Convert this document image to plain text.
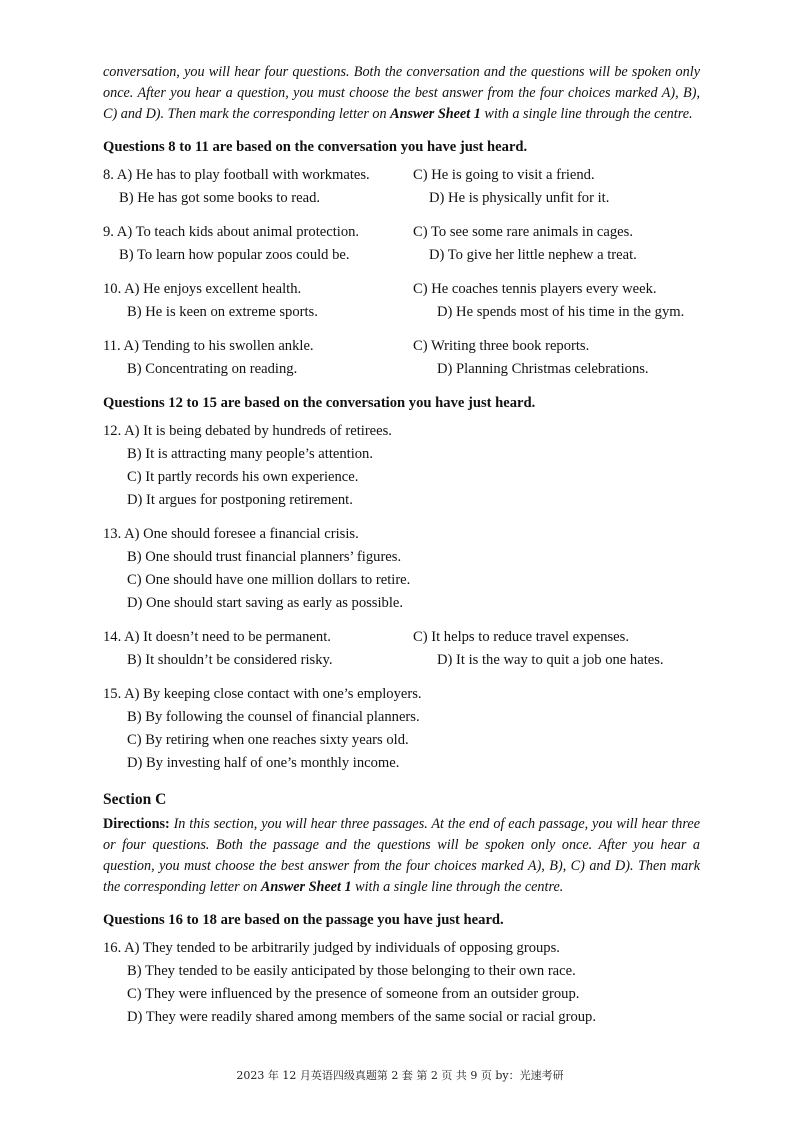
conversation, you will hear four questions. Both the conversation and the questions will be spoken only once. After you hear a question, you must choose the best answer from the four choices marked A), B), C) and D). Then mark the corresponding letter on Answer Sheet 1 with a single line through the centre.

Questions 8 to 11 are based on the conversation you have just heard.
8. A) He has to play football with workmates.	C) He is going to visit a friend.
B) He has got some books to read.	D) He is physically unfit for it.
9. A) To teach kids about animal protection.	C) To see some rare animals in cages.
B) To learn how popular zoos could be.	D) To give her little nephew a treat.
10. A) He enjoys excellent health.	C) He coaches tennis players every week.
B) He is keen on extreme sports.	D) He spends most of his time in the gym.
11. A) Tending to his swollen ankle.	C) Writing three book reports.
B) Concentrating on reading.	D) Planning Christmas celebrations.
Questions 12 to 15 are based on the conversation you have just heard.
12. A) It is being debated by hundreds of retirees.
B) It is attracting many people’s attention.
C) It partly records his own experience.
D) It argues for postponing retirement.
13. A) One should foresee a financial crisis.
B) One should trust financial planners’ figures.
C) One should have one million dollars to retire.
D) One should start saving as early as possible.
14. A) It doesn’t need to be permanent.	C) It helps to reduce travel expenses.
B) It shouldn’t be considered risky.	D) It is the way to quit a job one hates.
15. A) By keeping close contact with one’s employers.
B) By following the counsel of financial planners.
C) By retiring when one reaches sixty years old.
D) By investing half of one’s monthly income.
Section C

Directions: In this section, you will hear three passages. At the end of each passage, you will hear three or four questions. Both the passage and the questions will be spoken only once. After you hear a question, you must choose the best answer from the four choices marked A), B), C) and D). Then mark the corresponding letter on Answer Sheet 1 with a single line through the centre.

Questions 16 to 18 are based on the passage you have just heard.
16. A) They tended to be arbitrarily judged by individuals of opposing groups.
B) They tended to be easily anticipated by those belonging to their own race.
C) They were influenced by the presence of someone from an outsider group.
D) They were readily shared among members of the same social or racial group.
2023 年 12 月英语四级真题第 2 套 第 2 页 共 9 页 by：光速考研
